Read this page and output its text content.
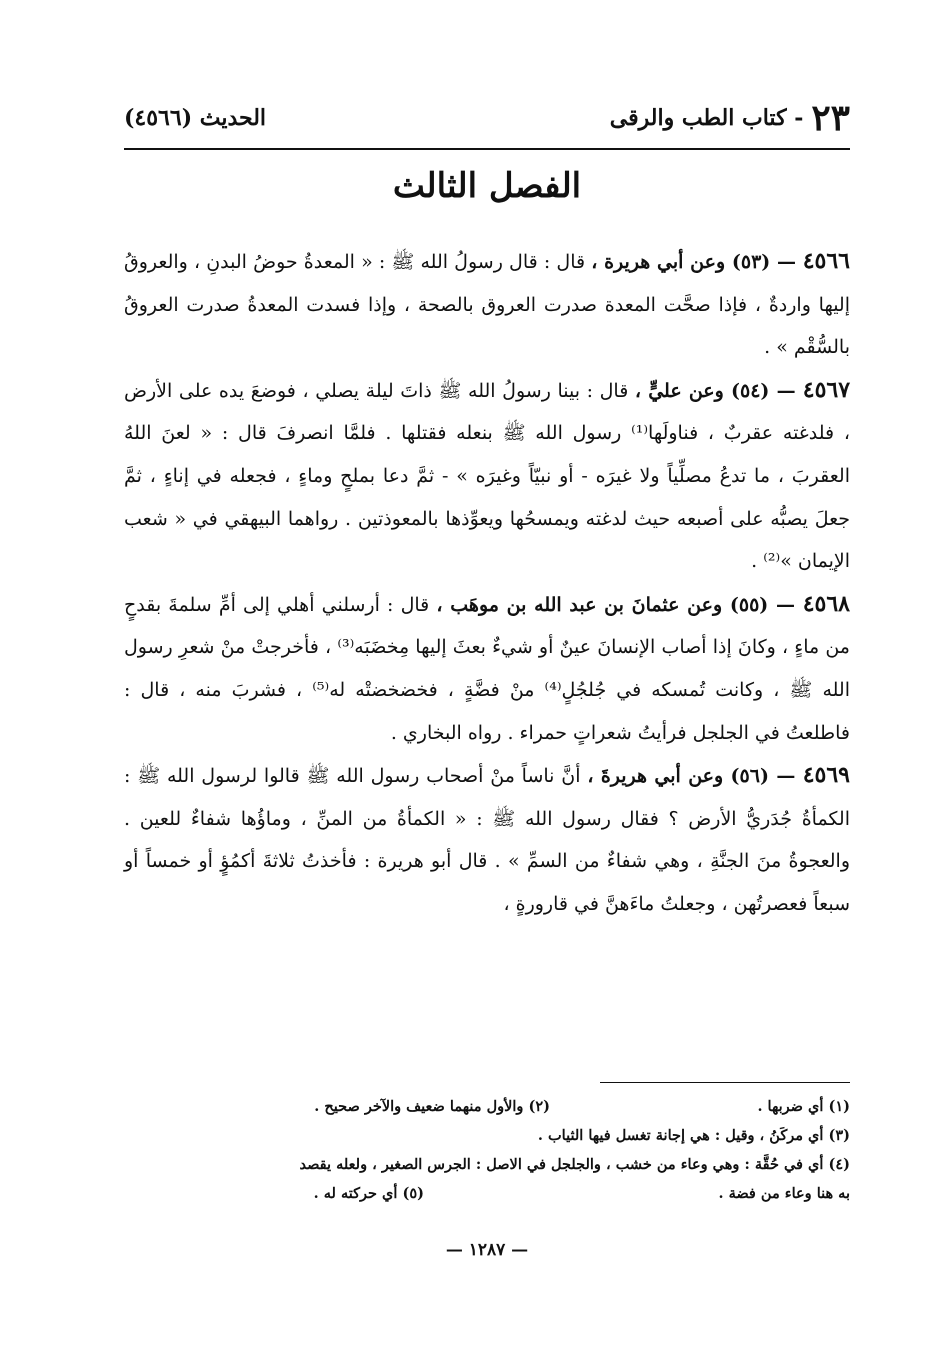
٢٣
- كتاب الطب والرقى
الحديث (٤٥٦٦)
الفصل الثالث

٤٥٦٦ — (٥٣) وعن أبي هريرة ، قال : قال رسولُ الله ﷺ : « المعدةُ حوضُ البدنِ ، والعروقُ إليها واردةٌ ، فإذا صحَّت المعدة صدرت العروق بالصحة ، وإذا فسدت المعدةُ صدرت العروقُ بالسُّقْم » .

٤٥٦٧ — (٥٤) وعن عليٍّ ، قال : بينا رسولُ الله ﷺ ذاتَ ليلة يصلي ، فوضعَ يده على الأرض ، فلدغته عقربٌ ، فناولَها⁽¹⁾ رسول الله ﷺ بنعله فقتلها . فلمَّا انصرفَ قال : « لعنَ اللهُ العقربَ ، ما تدعُ مصلِّياً ولا غيرَه - أو نبيّاً وغيرَه » - ثمَّ دعا بملحٍ وماءٍ ، فجعله في إناءٍ ، ثمَّ جعلَ يصبُّه على أصبعه حيث لدغته ويمسحُها ويعوِّذها بالمعوذتين . رواهما البيهقي في « شعب الإيمان »⁽²⁾ .

٤٥٦٨ — (٥٥) وعن عثمانَ بن عبد الله بن موهَب ، قال : أرسلني أهلي إلى أمِّ سلمةَ بقدحٍ من ماءٍ ، وكانَ إذا أصاب الإنسانَ عينٌ أو شيءٌ بعثَ إليها مِخضَبَه⁽³⁾ ، فأخرجتْ منْ شعرِ رسول الله ﷺ ، وكانت تُمسكه في جُلجُلٍ⁽⁴⁾ منْ فضَّةٍ ، فخضخضتْه له⁽⁵⁾ ، فشربَ منه ، قال : فاطلعتُ في الجلجل فرأيتُ شعراتٍ حمراء . رواه البخاري .

٤٥٦٩ — (٥٦) وعن أبي هريرةَ ، أنَّ ناساً منْ أصحاب رسول الله ﷺ قالوا لرسول الله ﷺ : الكمأةُ جُدَريُّ الأرض ؟ فقال رسول الله ﷺ : « الكمأةُ من المنِّ ، وماؤُها شفاءٌ للعين . والعجوةُ منَ الجنَّةِ ، وهي شفاءٌ من السمِّ » . قال أبو هريرة : فأخذتُ ثلاثةَ أكمُؤٍ أو خمساً أو سبعاً فعصرتُهن ، وجعلتُ ماءَهنَّ في قارورةٍ ،

(١) أي ضربها .
(٢) والأول منهما ضعيف والآخر صحيح .
(٣) أي مركَنُ ، وقيل : هي إجانة تغسل فيها الثياب .
(٤) أي في حُقَّة : وهي وعاء من خشب ، والجلجل في الاصل : الجرس الصغير ، ولعله يقصد
به هنا وعاء من فضة .
(٥) أي حركته له .
— ١٢٨٧ —
